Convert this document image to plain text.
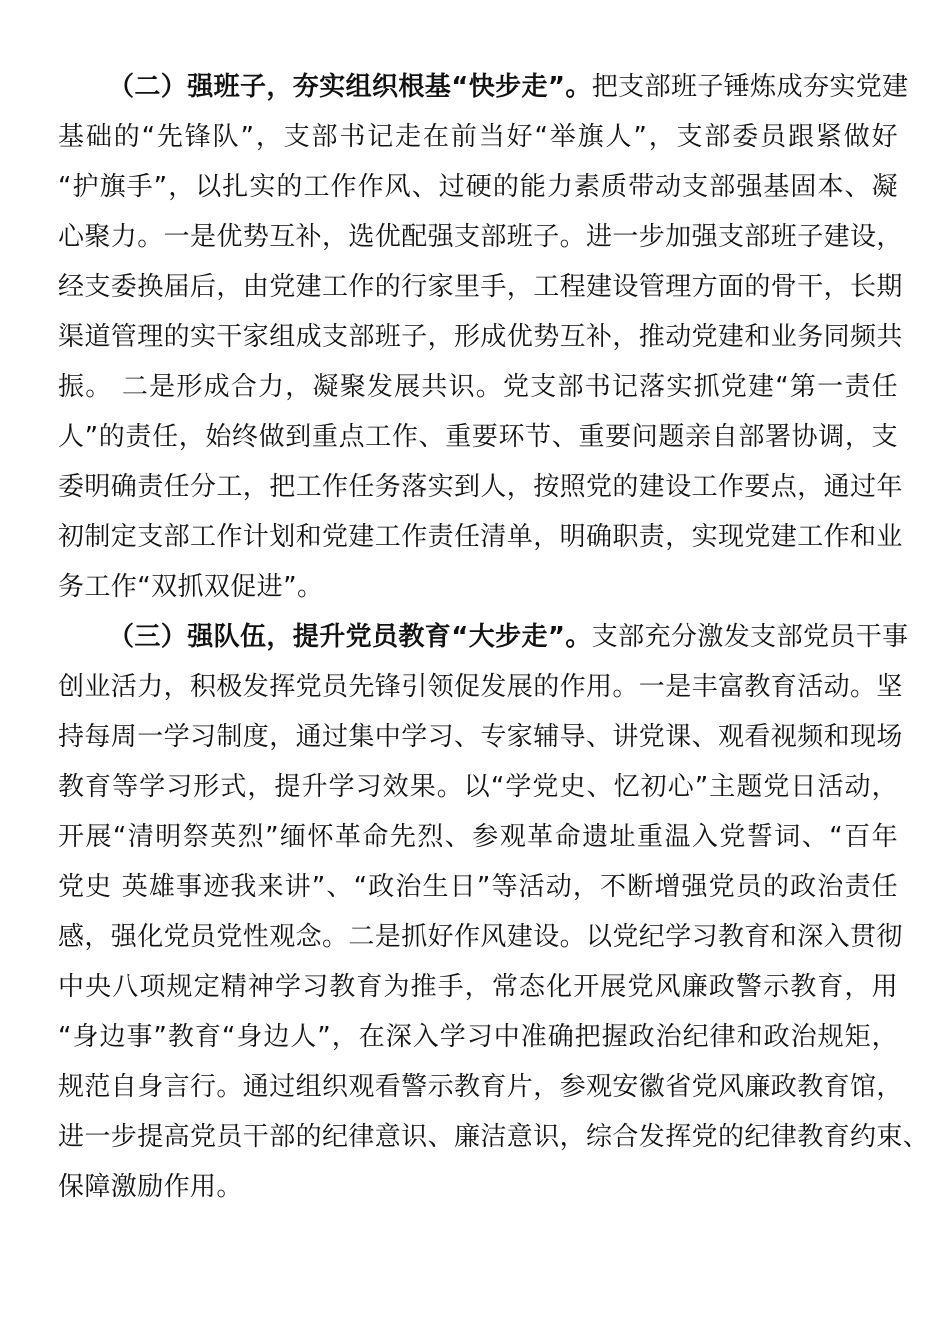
（二）强班子，夯实组织根基“快步走”。把支部班子锤炼成夯实党建
基础的“先锋队”，支部书记走在前当好“举旗人”，支部委员跟紧做好
“护旗手”，以扎实的工作作风、过硬的能力素质带动支部强基固本、凝
心聚力。一是优势互补，选优配强支部班子。进一步加强支部班子建设，
经支委换届后，由党建工作的行家里手，工程建设管理方面的骨干，长期
渠道管理的实干家组成支部班子，形成优势互补，推动党建和业务同频共
振。 二是形成合力，凝聚发展共识。党支部书记落实抓党建“第一责任
人”的责任，始终做到重点工作、重要环节、重要问题亲自部署协调，支
委明确责任分工，把工作任务落实到人，按照党的建设工作要点，通过年
初制定支部工作计划和党建工作责任清单，明确职责，实现党建工作和业
务工作“双抓双促进”。
（三）强队伍，提升党员教育“大步走”。支部充分激发支部党员干事
创业活力，积极发挥党员先锋引领促发展的作用。一是丰富教育活动。坚
持每周一学习制度，通过集中学习、专家辅导、讲党课、观看视频和现场
教育等学习形式，提升学习效果。以“学党史、忆初心”主题党日活动，
开展“清明祭英烈”缅怀革命先烈、参观革命遗址重温入党誓词、“百年
党史 英雄事迹我来讲”、“政治生日”等活动，不断增强党员的政治责任
感，强化党员党性观念。二是抓好作风建设。以党纪学习教育和深入贯彻
中央八项规定精神学习教育为推手，常态化开展党风廉政警示教育，用
“身边事”教育“身边人”，在深入学习中准确把握政治纪律和政治规矩，
规范自身言行。通过组织观看警示教育片，参观安徽省党风廉政教育馆，
进一步提高党员干部的纪律意识、廉洁意识，综合发挥党的纪律教育约束、
保障激励作用。
